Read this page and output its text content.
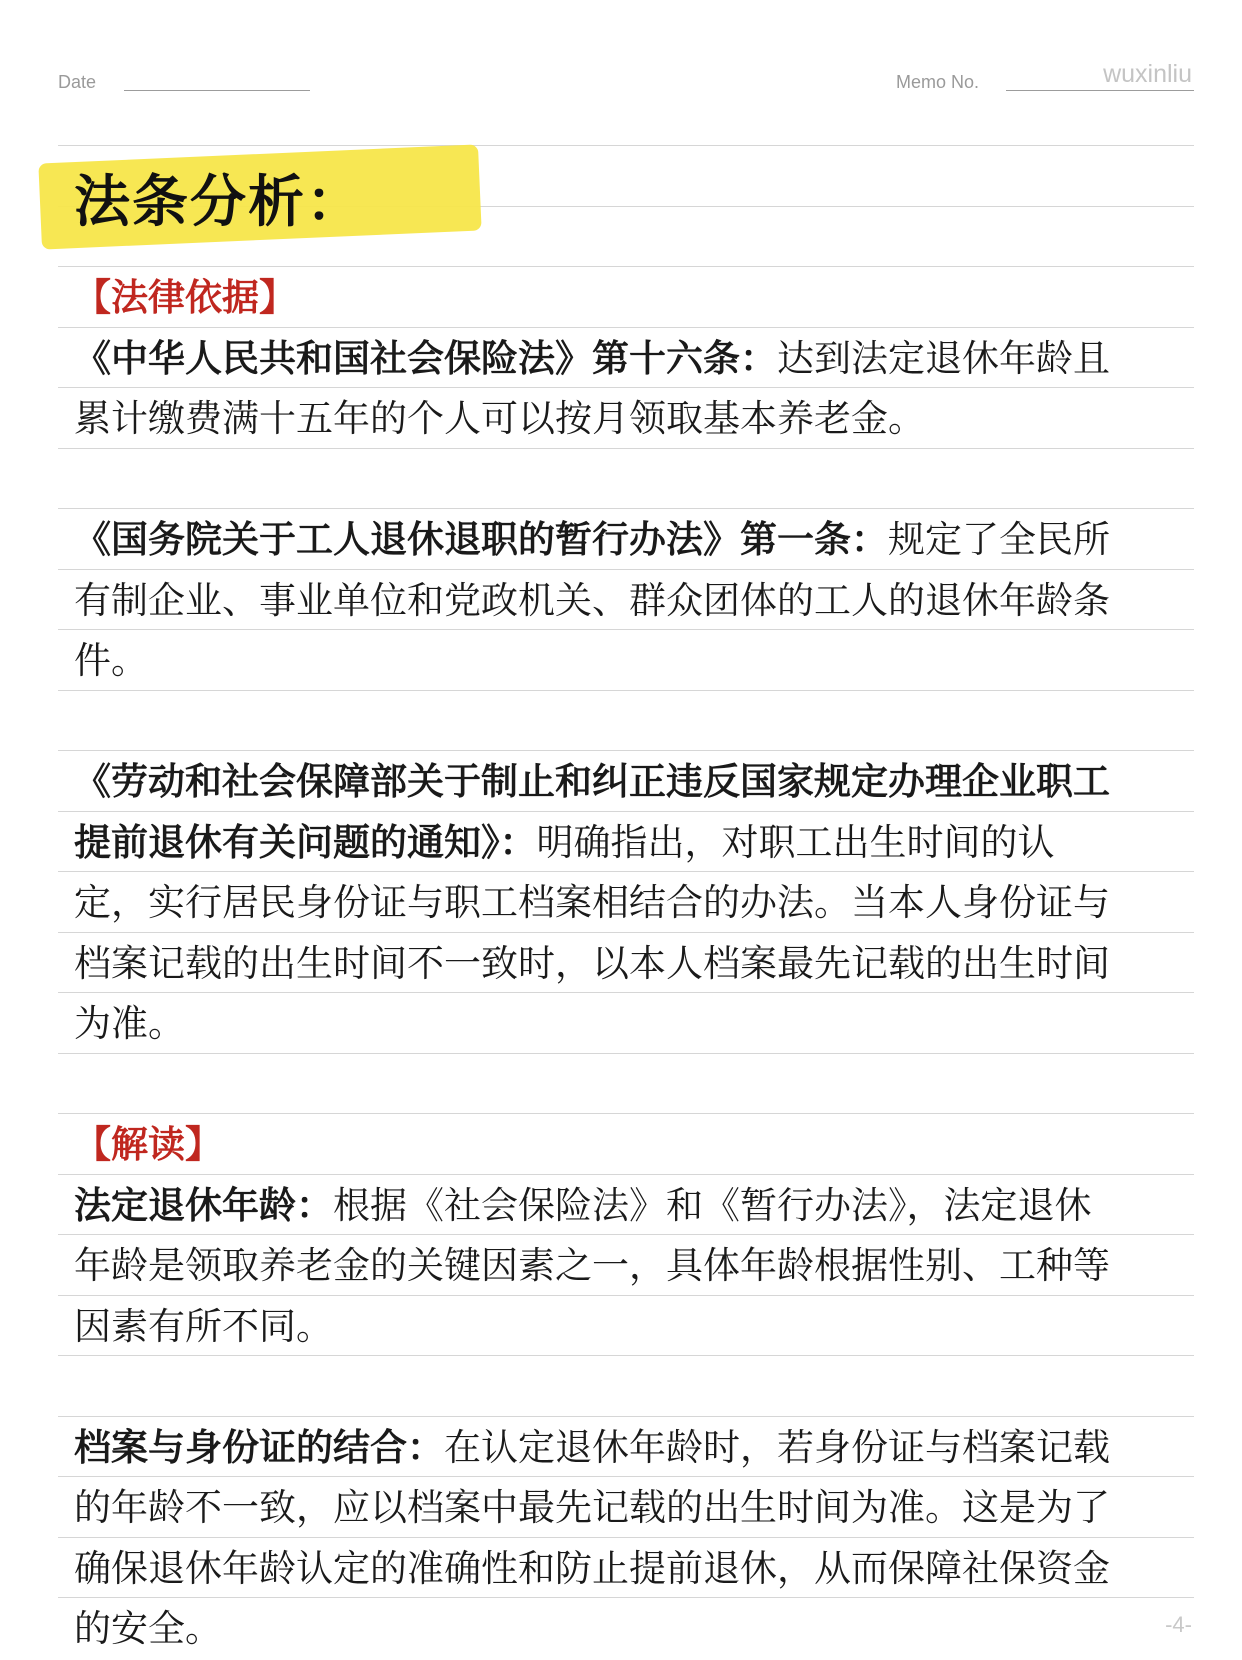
Date	Memo No.	wuxinliu
法条分析：
【法律依据】
《中华人民共和国社会保险法》第十六条：达到法定退休年龄且
累计缴费满十五年的个人可以按月领取基本养老金。
《国务院关于工人退休退职的暂行办法》第一条：规定了全民所
有制企业、事业单位和党政机关、群众团体的工人的退休年龄条
件。
《劳动和社会保障部关于制止和纠正违反国家规定办理企业职工
提前退休有关问题的通知》：明确指出，对职工出生时间的认
定，实行居民身份证与职工档案相结合的办法。当本人身份证与
档案记载的出生时间不一致时，以本人档案最先记载的出生时间
为准。
【解读】
法定退休年龄：根据《社会保险法》和《暂行办法》，法定退休
年龄是领取养老金的关键因素之一，具体年龄根据性别、工种等
因素有所不同。
档案与身份证的结合：在认定退休年龄时，若身份证与档案记载
的年龄不一致，应以档案中最先记载的出生时间为准。这是为了
确保退休年龄认定的准确性和防止提前退休，从而保障社保资金
的安全。	-4-
